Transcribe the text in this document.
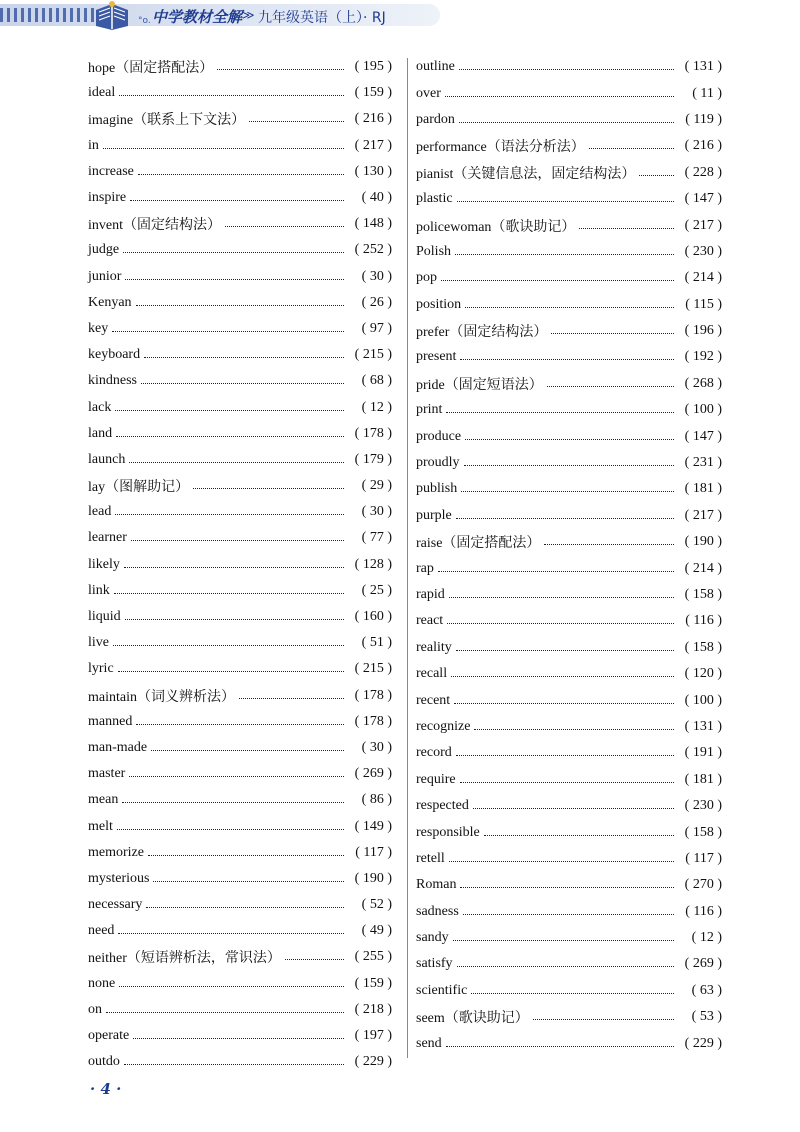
°o. 中学教材全解 ≫ 九年级英语（上）· RJ
hope（固定搭配法）	( 195 )
ideal	( 159 )
imagine（联系上下文法）	( 216 )
in	( 217 )
increase	( 130 )
inspire	( 40 )
invent（固定结构法）	( 148 )
judge	( 252 )
junior	( 30 )
Kenyan	( 26 )
key	( 97 )
keyboard	( 215 )
kindness	( 68 )
lack	( 12 )
land	( 178 )
launch	( 179 )
lay（图解助记）	( 29 )
lead	( 30 )
learner	( 77 )
likely	( 128 )
link	( 25 )
liquid	( 160 )
live	( 51 )
lyric	( 215 )
maintain（词义辨析法）	( 178 )
manned	( 178 )
man-made	( 30 )
master	( 269 )
mean	( 86 )
melt	( 149 )
memorize	( 117 )
mysterious	( 190 )
necessary	( 52 )
need	( 49 )
neither（短语辨析法，常识法）	( 255 )
none	( 159 )
on	( 218 )
operate	( 197 )
outdo	( 229 )
outline	( 131 )
over	( 11 )
pardon	( 119 )
performance（语法分析法）	( 216 )
pianist（关键信息法，固定结构法）	( 228 )
plastic	( 147 )
policewoman（歌诀助记）	( 217 )
Polish	( 230 )
pop	( 214 )
position	( 115 )
prefer（固定结构法）	( 196 )
present	( 192 )
pride（固定短语法）	( 268 )
print	( 100 )
produce	( 147 )
proudly	( 231 )
publish	( 181 )
purple	( 217 )
raise（固定搭配法）	( 190 )
rap	( 214 )
rapid	( 158 )
react	( 116 )
reality	( 158 )
recall	( 120 )
recent	( 100 )
recognize	( 131 )
record	( 191 )
require	( 181 )
respected	( 230 )
responsible	( 158 )
retell	( 117 )
Roman	( 270 )
sadness	( 116 )
sandy	( 12 )
satisfy	( 269 )
scientific	( 63 )
seem（歌诀助记）	( 53 )
send	( 229 )
· 4 ·
